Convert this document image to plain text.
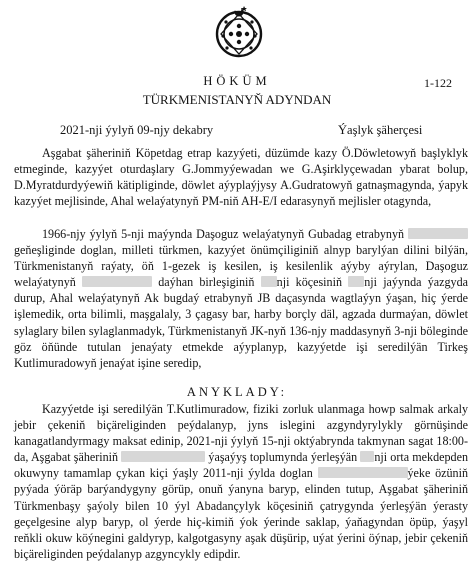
HÖKÜM	1-122
TÜRKMENISTANYŇ ADYNDAN
2021-nji ýylyň 09-njy dekabry	Ýaşlyk şäherçesi
Aşgabat şäheriniň Köpetdag etrap kazyýeti, düzümde kazy Ö.Döwletowyň başlyklyk etmeginde, kazyýet oturdaşlary G.Jommyýewadan we G.Aşirklyçewadan ybarat bolup, D.Myratdurdyýewiň kätipliginde, döwlet aýyplaýjysy A.Gudratowyň gatnaşmagynda, ýapyk kazyýet mejlisinde, Ahal welaýatynyň PM-niň AH-E/I edarasynyň mejlisler otagynda,
1966-njy ýylyň 5-nji maýynda Daşoguz welaýatynyň Gubadag etrabynyň  geňeşliginde doglan, milleti türkmen, kazyýet önümçiliginiň alnyp barylýan dilini bilýän, Türkmenistanyň raýaty, öň 1-gezek iş kesilen, iş kesilenlik aýyby aýrylan, Daşoguz welaýatynyň	daýhan birleşiginiň nji köçesiniň nji jaýynda ýazgyda durup, Ahal welaýatynyň Ak bugdaý etrabynyň JB daçasynda wagtlaýyn ýaşan, hiç ýerde işlemedik, orta bilimli, maşgalaly, 3 çagasy bar, harby borçly däl, agzada durmaýan, döwlet sylaglary bilen sylaglanmadyk, Türkmenistanyň JK-nyň 136-njy maddasynyň 3-nji böleginde göz öňünde tutulan jenaýaty etmekde aýyplanyp, kazyýetde işi seredilýän Tirkeş Kutlimuradowyň jenaýat işine seredip,
ANYKLADY:
Kazyýetde işi seredilýän T.Kutlimuradow, fiziki zorluk ulanmaga howp salmak arkaly jebir çekeniň biçäreliginden peýdalanyp, jyns islegini azgyndyrylykly görnüşinde kanagatlandyrmagy maksat edinip, 2021-nji ýylyň 15-nji oktýabrynda takmynan sagat 18:00-da, Aşgabat şäheriniň	ýaşaýyş toplumynda ýerleşýän nji orta mekdepden okuwyny tamamlap çykan kiçi ýaşly 2011-nji ýylda doglan	ýeke özüniň pyýada ýöräp barýandygyny görüp, onuň ýanyna baryp, elinden tutup, Aşgabat şäheriniň Türkmenbaşy şaýoly bilen 10 ýyl Abadançylyk köçesiniň çatrygynda ýerleşýän ýerasty geçelgesine alyp baryp, ol ýerde hiç-kimiň ýok ýerinde saklap, ýaňagyndan öpüp, ýaşyl reňkli okuw köýnegini galdyryp, kalgotgasyny aşak düşürip, uýat ýerini öýnap, jebir çekeniň biçäreliginden peýdalanyp azgyncykly edipdir.
